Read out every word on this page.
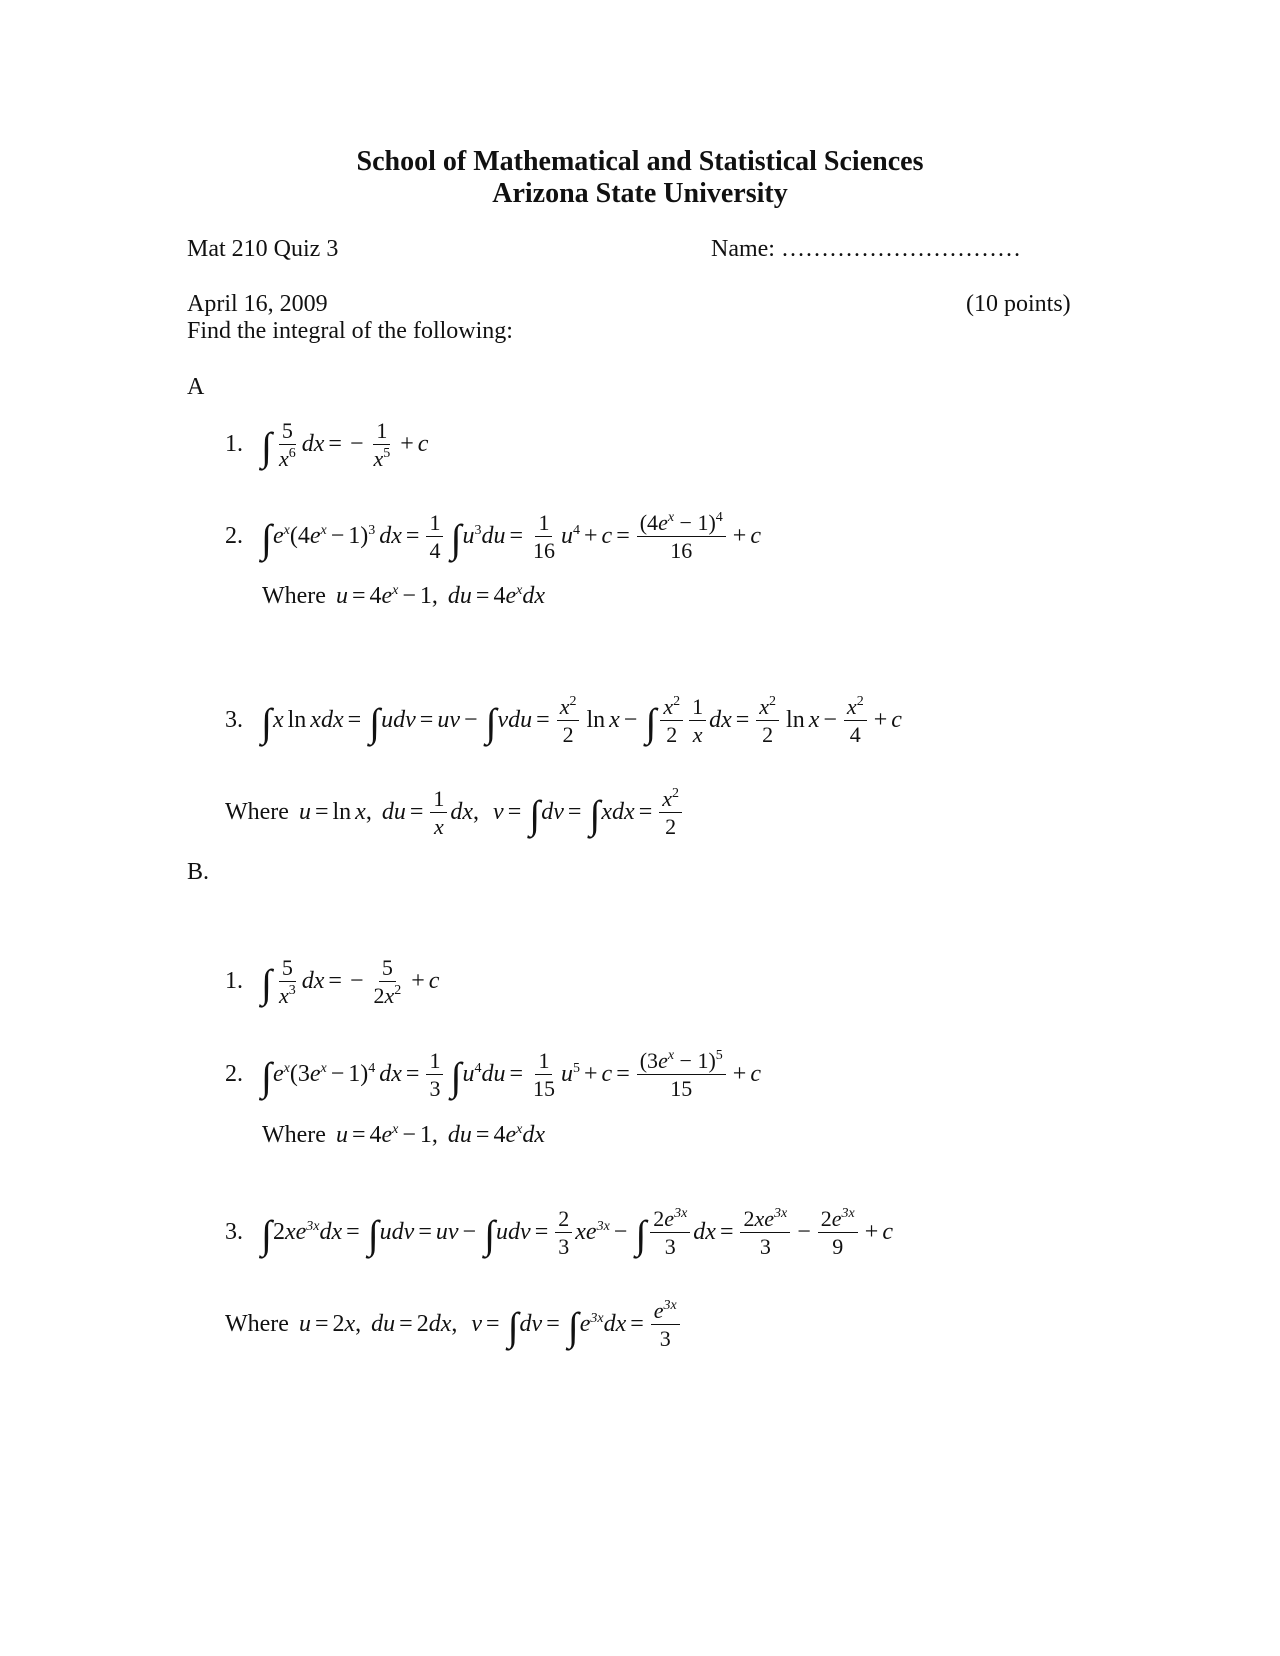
School of Mathematical and Statistical Sciences
Arizona State University
Mat 210 Quiz 3	Name: …………………………
April 16, 2009	(10 points)
Find the integral of the following:
A
1. ∫ $\frac{5}{x^6}$ dx = − $\frac{1}{x^5} + c$
2. ∫ $e^x$ (4 $e^x - 1)^3$ dx = $\frac{1}{4}$ ∫ $u^3du = \frac{1}{16} u^4 + c = \frac{(4e^x - 1)^4}{16} + c$
Where u = 4 $e^x - 1$, du = 4 $e^xdx$
3. ∫ x ln xdx = ∫ udv = uv − ∫ vdu = $\frac{x^2}{2}$ ln x − ∫ $\frac{x^2}{2} \frac{1}{x}$ dx = $\frac{x^2}{2}$ $\ln x - \frac{x^2}{4} + c$
Where u = ln x , du = $\frac{1}{x}$ dx , v = ∫ dv = ∫ xdx = $\frac{x^2}{2}$
B.
1. ∫ $\frac{5}{x^3}$ dx = − $\frac{5}{2x^2} + c$
2. ∫ $e^x$ (3 $e^x - 1)^4$ dx = $\frac{1}{3}$ ∫ $u^4du = \frac{1}{15} u^5 + c = \frac{(3e^x - 1)^5}{15} + c$
Where u = 4 $e^x - 1$, du = 4 $e^xdx$
3. ∫ 2 $xe^{3x}dx$ = ∫ udv = uv − ∫ udv = $\frac{2}{3} xe^{3x}$ − ∫ $\frac{2e^{3x}}{3}$ dx = $\frac{2xe^{3x}}{3} - \frac{2e^{3x}}{9} + c$
Where u = 2 x , du = 2 dx , v = ∫ dv = ∫ $e^{3x}dx = \frac{e^{3x}}{3}$
